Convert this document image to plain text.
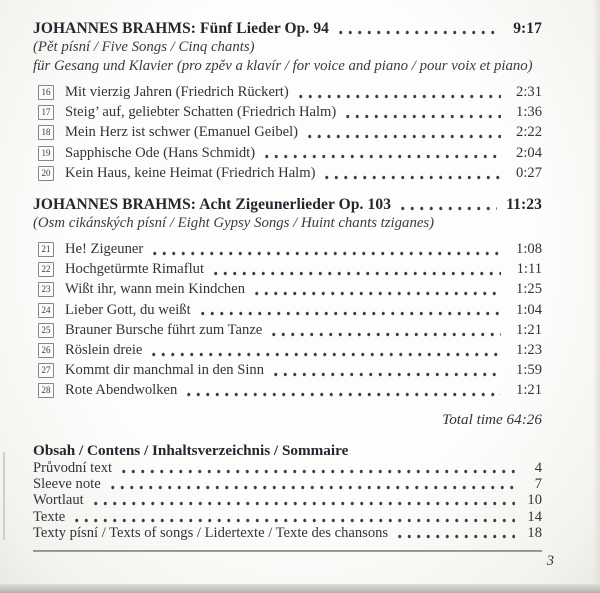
JOHANNES BRAHMS: Fünf Lieder Op. 94	9:17
(Pět písní / Five Songs / Cinq chants)
für Gesang und Klavier (pro zpěv a klavír / for voice and piano / pour voix et piano)
16 Mit vierzig Jahren (Friedrich Rückert)	2:31
17 Steig’ auf, geliebter Schatten (Friedrich Halm)	1:36
18 Mein Herz ist schwer (Emanuel Geibel)	2:22
19 Sapphische Ode (Hans Schmidt)	2:04
20 Kein Haus, keine Heimat (Friedrich Halm)	0:27
JOHANNES BRAHMS: Acht Zigeunerlieder Op. 103	11:23
(Osm cikánských písní / Eight Gypsy Songs / Huint chants tziganes)
21 He! Zigeuner	1:08
22 Hochgetürmte Rimaflut	1:11
23 Wißt ihr, wann mein Kindchen	1:25
24 Lieber Gott, du weißt	1:04
25 Brauner Bursche führt zum Tanze	1:21
26 Röslein dreie	1:23
27 Kommt dir manchmal in den Sinn	1:59
28 Rote Abendwolken	1:21
Total time 64:26
Obsah / Contens / Inhaltsverzeichnis / Sommaire
Průvodní text	4
Sleeve note	7
Wortlaut	10
Texte	14
Texty písní / Texts of songs / Lidertexte / Texte des chansons	18
3
